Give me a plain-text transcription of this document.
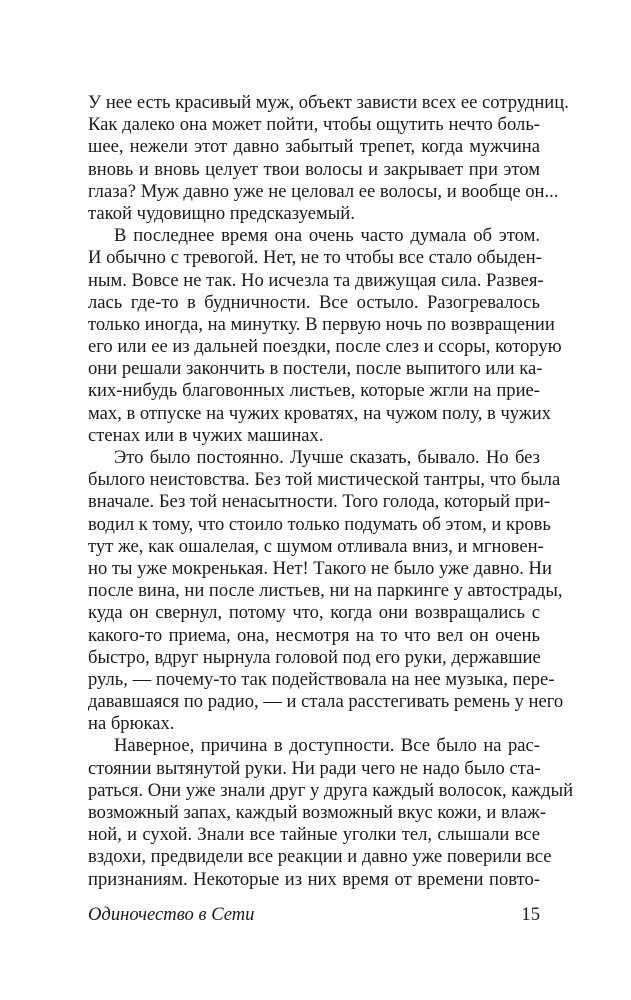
У нее есть красивый муж, объект зависти всех ее сотрудниц.
Как далеко она может пойти, чтобы ощутить нечто боль-
шее, нежели этот давно забытый трепет, когда мужчина
вновь и вновь целует твои волосы и закрывает при этом
глаза? Муж давно уже не целовал ее волосы, и вообще он...
такой чудовищно предсказуемый.
В последнее время она очень часто думала об этом.
И обычно с тревогой. Нет, не то чтобы все стало обыден-
ным. Вовсе не так. Но исчезла та движущая сила. Развея-
лась где-то в будничности. Все остыло. Разогревалось
только иногда, на минутку. В первую ночь по возвращении
его или ее из дальней поездки, после слез и ссоры, которую
они решали закончить в постели, после выпитого или ка-
ких-нибудь благовонных листьев, которые жгли на прие-
мах, в отпуске на чужих кроватях, на чужом полу, в чужих
стенах или в чужих машинах.
Это было постоянно. Лучше сказать, бывало. Но без
былого неистовства. Без той мистической тантры, что была
вначале. Без той ненасытности. Того голода, который при-
водил к тому, что стоило только подумать об этом, и кровь
тут же, как ошалелая, с шумом отливала вниз, и мгновен-
но ты уже мокренькая. Нет! Такого не было уже давно. Ни
после вина, ни после листьев, ни на паркинге у автострады,
куда он свернул, потому что, когда они возвращались с
какого-то приема, она, несмотря на то что вел он очень
быстро, вдруг нырнула головой под его руки, державшие
руль, — почему-то так подействовала на нее музыка, пере-
дававшаяся по радио, — и стала расстегивать ремень у него
на брюках.
Наверное, причина в доступности. Все было на рас-
стоянии вытянутой руки. Ни ради чего не надо было ста-
раться. Они уже знали друг у друга каждый волосок, каждый
возможный запах, каждый возможный вкус кожи, и влаж-
ной, и сухой. Знали все тайные уголки тел, слышали все
вздохи, предвидели все реакции и давно уже поверили все
признаниям. Некоторые из них время от времени повто-
Одиночество в Сети	15
